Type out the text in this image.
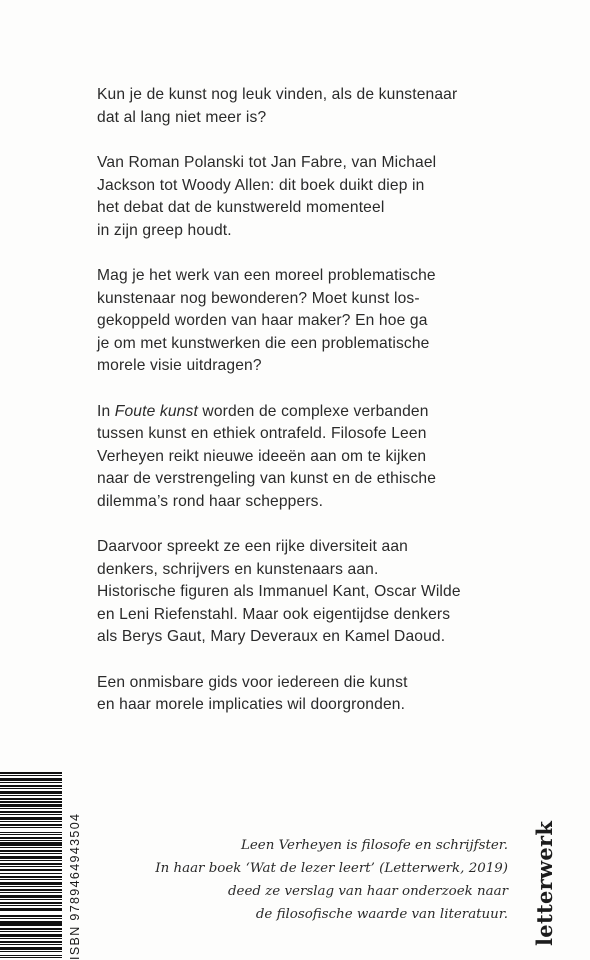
Kun je de kunst nog leuk vinden, als de kunstenaar
dat al lang niet meer is?

Van Roman Polanski tot Jan Fabre, van Michael
Jackson tot Woody Allen: dit boek duikt diep in
het debat dat de kunstwereld momenteel
in zijn greep houdt.

Mag je het werk van een moreel problematische
kunstenaar nog bewonderen? Moet kunst los-
gekoppeld worden van haar maker? En hoe ga
je om met kunstwerken die een problematische
morele visie uitdragen?

In Foute kunst worden de complexe verbanden
tussen kunst en ethiek ontrafeld. Filosofe Leen
Verheyen reikt nieuwe ideeën aan om te kijken
naar de verstrengeling van kunst en de ethische
dilemma’s rond haar scheppers.

Daarvoor spreekt ze een rijke diversiteit aan
denkers, schrijvers en kunstenaars aan.
Historische figuren als Immanuel Kant, Oscar Wilde
en Leni Riefenstahl. Maar ook eigentijdse denkers
als Berys Gaut, Mary Deveraux en Kamel Daoud.

Een onmisbare gids voor iedereen die kunst
en haar morele implicaties wil doorgronden.

Leen Verheyen is filosofe en schrijfster.
In haar boek ‘Wat de lezer leert’ (Letterwerk, 2019)
deed ze verslag van haar onderzoek naar
de filosofische waarde van literatuur.
ISBN 9789464943504	letterwerk
